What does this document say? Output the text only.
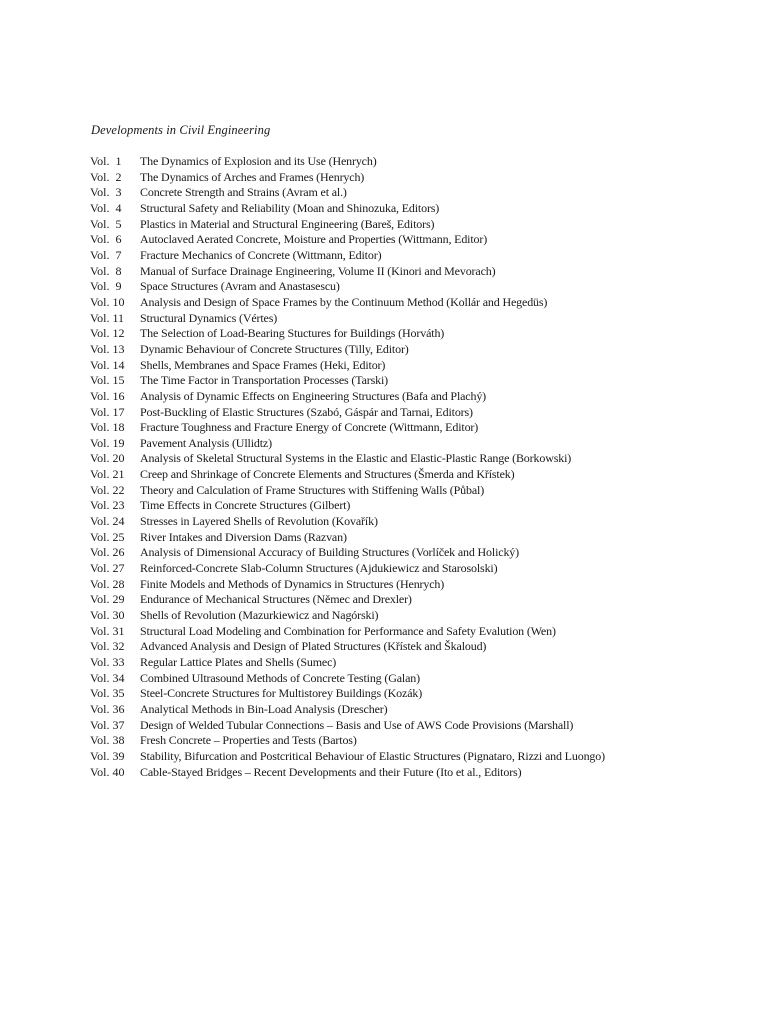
Developments in Civil Engineering
Vol.  1	The Dynamics of Explosion and its Use (Henrych)
Vol.  2	The Dynamics of Arches and Frames (Henrych)
Vol.  3	Concrete Strength and Strains (Avram et al.)
Vol.  4	Structural Safety and Reliability (Moan and Shinozuka, Editors)
Vol.  5	Plastics in Material and Structural Engineering (Bareš, Editors)
Vol.  6	Autoclaved Aerated Concrete, Moisture and Properties (Wittmann, Editor)
Vol.  7	Fracture Mechanics of Concrete (Wittmann, Editor)
Vol.  8	Manual of Surface Drainage Engineering, Volume II (Kinori and Mevorach)
Vol.  9	Space Structures (Avram and Anastasescu)
Vol. 10	Analysis and Design of Space Frames by the Continuum Method (Kollár and Hegedüs)
Vol. 11	Structural Dynamics (Vértes)
Vol. 12	The Selection of Load-Bearing Stuctures for Buildings (Horváth)
Vol. 13	Dynamic Behaviour of Concrete Structures (Tilly, Editor)
Vol. 14	Shells, Membranes and Space Frames (Heki, Editor)
Vol. 15	The Time Factor in Transportation Processes (Tarski)
Vol. 16	Analysis of Dynamic Effects on Engineering Structures (Bafa and Plachý)
Vol. 17	Post-Buckling of Elastic Structures (Szabó, Gáspár and Tarnai, Editors)
Vol. 18	Fracture Toughness and Fracture Energy of Concrete (Wittmann, Editor)
Vol. 19	Pavement Analysis (Ullidtz)
Vol. 20	Analysis of Skeletal Structural Systems in the Elastic and Elastic-Plastic Range (Borkowski)
Vol. 21	Creep and Shrinkage of Concrete Elements and Structures (Šmerda and Křístek)
Vol. 22	Theory and Calculation of Frame Structures with Stiffening Walls (Půbal)
Vol. 23	Time Effects in Concrete Structures (Gilbert)
Vol. 24	Stresses in Layered Shells of Revolution (Kovařík)
Vol. 25	River Intakes and Diversion Dams (Razvan)
Vol. 26	Analysis of Dimensional Accuracy of Building Structures (Vorlíček and Holický)
Vol. 27	Reinforced-Concrete Slab-Column Structures (Ajdukiewicz and Starosolski)
Vol. 28	Finite Models and Methods of Dynamics in Structures (Henrych)
Vol. 29	Endurance of Mechanical Structures (Němec and Drexler)
Vol. 30	Shells of Revolution (Mazurkiewicz and Nagórski)
Vol. 31	Structural Load Modeling and Combination for Performance and Safety Evalution (Wen)
Vol. 32	Advanced Analysis and Design of Plated Structures (Křístek and Škaloud)
Vol. 33	Regular Lattice Plates and Shells (Sumec)
Vol. 34	Combined Ultrasound Methods of Concrete Testing (Galan)
Vol. 35	Steel-Concrete Structures for Multistorey Buildings (Kozák)
Vol. 36	Analytical Methods in Bin-Load Analysis (Drescher)
Vol. 37	Design of Welded Tubular Connections – Basis and Use of AWS Code Provisions (Marshall)
Vol. 38	Fresh Concrete – Properties and Tests (Bartos)
Vol. 39	Stability, Bifurcation and Postcritical Behaviour of Elastic Structures (Pignataro, Rizzi and Luongo)
Vol. 40	Cable-Stayed Bridges – Recent Developments and their Future (Ito et al., Editors)
